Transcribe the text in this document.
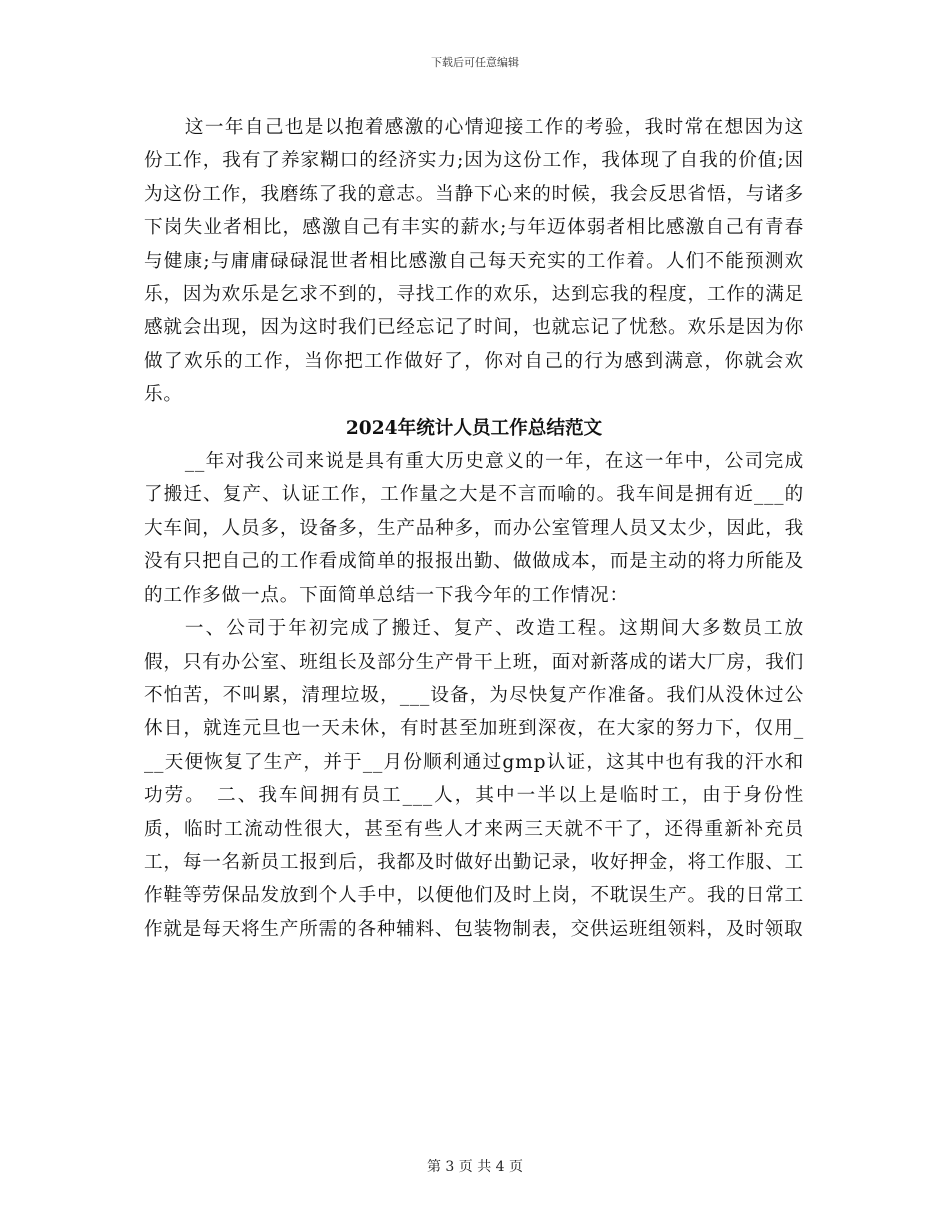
下载后可任意编辑

这一年自己也是以抱着感激的心情迎接工作的考验，我时常在想因为这份工作，我有了养家糊口的经济实力;因为这份工作，我体现了自我的价值;因为这份工作，我磨练了我的意志。当静下心来的时候，我会反思省悟，与诸多下岗失业者相比，感激自己有丰实的薪水;与年迈体弱者相比感激自己有青春与健康;与庸庸碌碌混世者相比感激自己每天充实的工作着。人们不能预测欢乐，因为欢乐是乞求不到的，寻找工作的欢乐，达到忘我的程度，工作的满足感就会出现，因为这时我们已经忘记了时间，也就忘记了忧愁。欢乐是因为你做了欢乐的工作，当你把工作做好了，你对自己的行为感到满意，你就会欢乐。

2024年统计人员工作总结范文

__年对我公司来说是具有重大历史意义的一年，在这一年中，公司完成了搬迁、复产、认证工作，工作量之大是不言而喻的。我车间是拥有近___的大车间，人员多，设备多，生产品种多，而办公室管理人员又太少，因此，我没有只把自己的工作看成简单的报报出勤、做做成本，而是主动的将力所能及的工作多做一点。下面简单总结一下我今年的工作情况：

一、公司于年初完成了搬迁、复产、改造工程。这期间大多数员工放假，只有办公室、班组长及部分生产骨干上班，面对新落成的诺大厂房，我们不怕苦，不叫累，清理垃圾，___设备，为尽快复产作准备。我们从没休过公休日，就连元旦也一天未休，有时甚至加班到深夜，在大家的努力下，仅用___天便恢复了生产，并于__月份顺利通过gmp认证，这其中也有我的汗水和功劳。　二、我车间拥有员工___人，其中一半以上是临时工，由于身份性质，临时工流动性很大，甚至有些人才来两三天就不干了，还得重新补充员工，每一名新员工报到后，我都及时做好出勤记录，收好押金，将工作服、工作鞋等劳保品发放到个人手中，以便他们及时上岗，不耽误生产。我的日常工作就是每天将生产所需的各种辅料、包装物制表，交供运班组领料，及时领取

第 3 页 共 4 页
